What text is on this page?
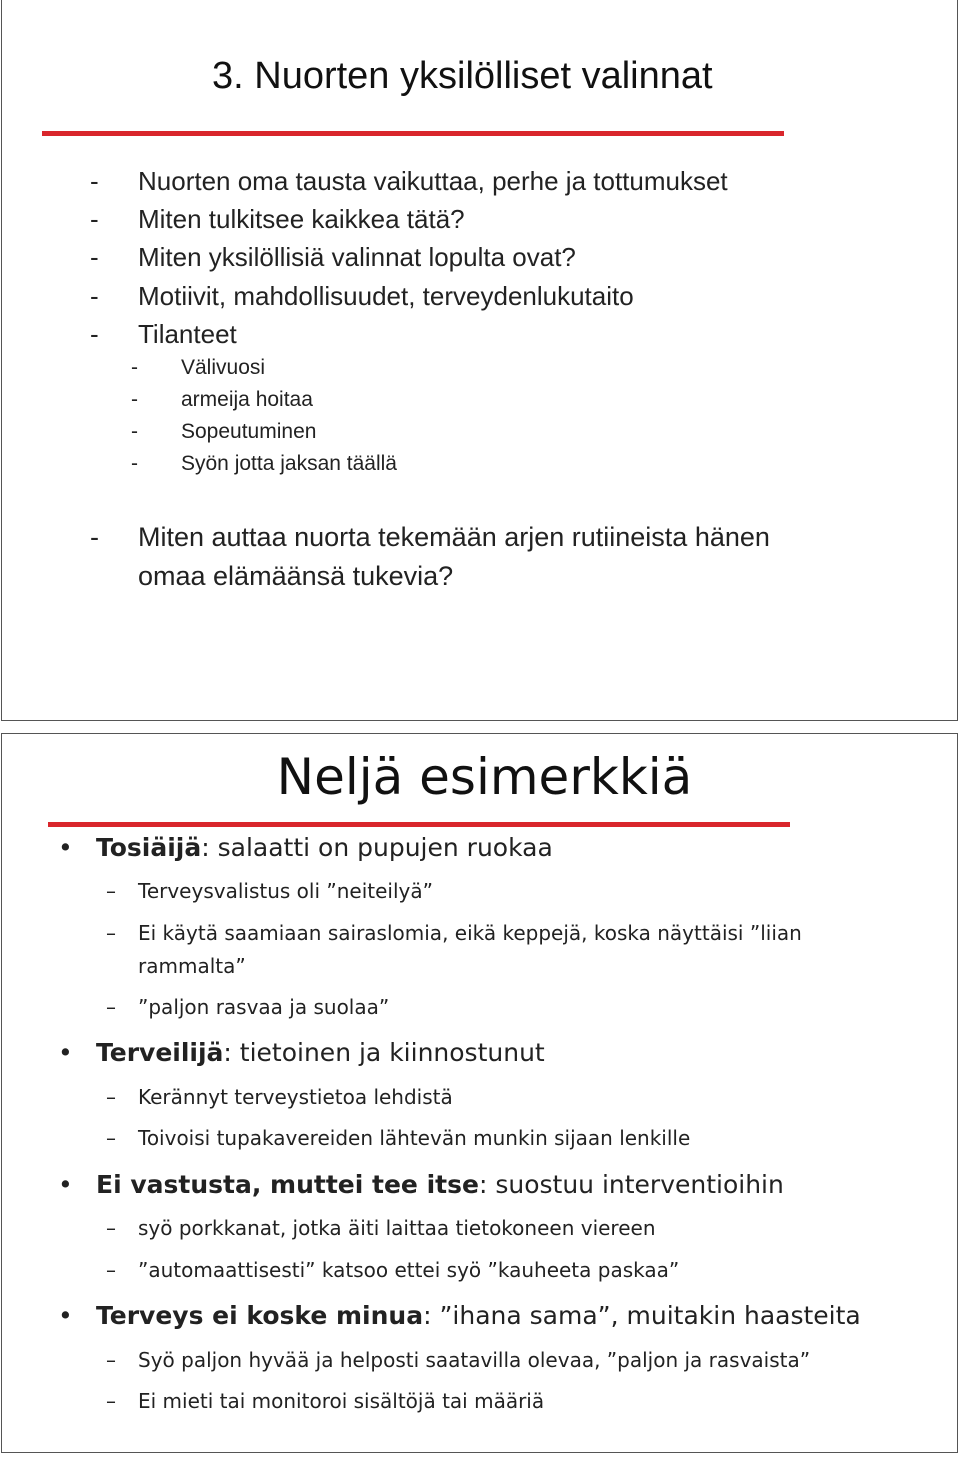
3. Nuorten yksilölliset valinnat
- Nuorten oma tausta vaikuttaa, perhe ja tottumukset
- Miten tulkitsee kaikkea tätä?
- Miten yksilöllisiä valinnat lopulta ovat?
- Motiivit, mahdollisuudet, terveydenlukutaito
- Tilanteet
- Välivuosi
- armeija hoitaa
- Sopeutuminen
- Syön jotta jaksan täällä
- Miten auttaa nuorta tekemään arjen rutiineista hänen
omaa elämäänsä tukevia?
Neljä esimerkkiä
• Tosiäijä: salaatti on pupujen ruokaa
– Terveysvalistus oli ”neiteilyä”
– Ei käytä saamiaan sairaslomia, eikä keppejä, koska näyttäisi ”liian
rammalta”
– ”paljon rasvaa ja suolaa”
• Terveilijä: tietoinen ja kiinnostunut
– Kerännyt terveystietoa lehdistä
– Toivoisi tupakavereiden lähtevän munkin sijaan lenkille
• Ei vastusta, muttei tee itse: suostuu interventioihin
– syö porkkanat, jotka äiti laittaa tietokoneen viereen
– ”automaattisesti” katsoo ettei syö ”kauheeta paskaa”
• Terveys ei koske minua: ”ihana sama”, muitakin haasteita
– Syö paljon hyvää ja helposti saatavilla olevaa, ”paljon ja rasvaista”
– Ei mieti tai monitoroi sisältöjä tai määriä
